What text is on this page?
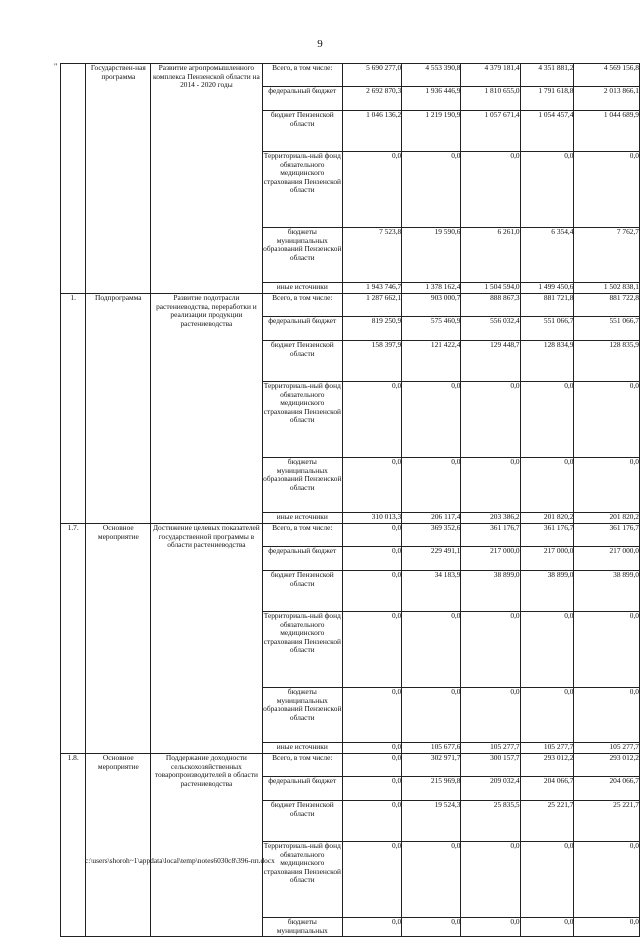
9
"
		Государствен-ная программа	Развитие агропромышленного комплекса Пензенской области на 2014 - 2020 годы	Всего, в том числе:	5 690 277,0	4 553 390,8	4 379 181,4	4 351 881,2	4 569 156,8
			федеральный бюджет	2 692 870,3	1 936 446,9	1 810 655,0	1 791 618,8	2 013 866,1
			бюджет Пензенской области	1 046 136,2	1 219 190,9	1 057 671,4	1 054 457,4	1 044 689,9
			Территориаль-ный фонд обязательного медицинского страхования Пензенской области	0,0	0,0	0,0	0,0	0,0
			бюджеты муниципальных образований Пензенской области	7 523,8	19 590,6	6 261,0	6 354,4	7 762,7
			иные источники	1 943 746,7	1 378 162,4	1 504 594,0	1 499 450,6	1 502 838,1
1.	Подпрограмма	Развитие подотрасли растениеводства, переработки и реализации продукции растениеводства	Всего, в том числе:	1 287 662,1	903 000,7	888 867,3	881 721,8	881 722,8
			федеральный бюджет	819 250,9	575 460,9	556 032,4	551 066,7	551 066,7
			бюджет Пензенской области	158 397,9	121 422,4	129 448,7	128 834,9	128 835,9
			Территориаль-ный фонд обязательного медицинского страхования Пензенской области	0,0	0,0	0,0	0,0	0,0
			бюджеты муниципальных образований Пензенской области	0,0	0,0	0,0	0,0	0,0
			иные источники	310 013,3	206 117,4	203 386,2	201 820,2	201 820,2
1.7.	Основное мероприятие	Достижение целевых показателей государственной программы в области растениеводства	Всего, в том числе:	0,0	369 352,6	361 176,7	361 176,7	361 176,7
			федеральный бюджет	0,0	229 491,1	217 000,0	217 000,0	217 000,0
			бюджет Пензенской области	0,0	34 183,9	38 899,0	38 899,0	38 899,0
			Территориаль-ный фонд обязательного медицинского страхования Пензенской области	0,0	0,0	0,0	0,0	0,0
			бюджеты муниципальных образований Пензенской области	0,0	0,0	0,0	0,0	0,0
			иные источники	0,0	105 677,6	105 277,7	105 277,7	105 277,7
1.8.	Основное мероприятие	Поддержание доходности сельскохозяйственных товаропроизводителей в области растениеводства	Всего, в том числе:	0,0	302 971,7	300 157,7	293 012,2	293 012,2
			федеральный бюджет	0,0	215 969,8	209 032,4	204 066,7	204 066,7
			бюджет Пензенской области	0,0	19 524,3	25 835,5	25 221,7	25 221,7
			Территориаль-ный фонд обязательного медицинского страхования Пензенской области	0,0	0,0	0,0	0,0	0,0
			бюджеты муниципальных	0,0	0,0	0,0	0,0	0,0
c:\users\shoroh~1\appdata\local\temp\notes6030c8\396-пп.docx
